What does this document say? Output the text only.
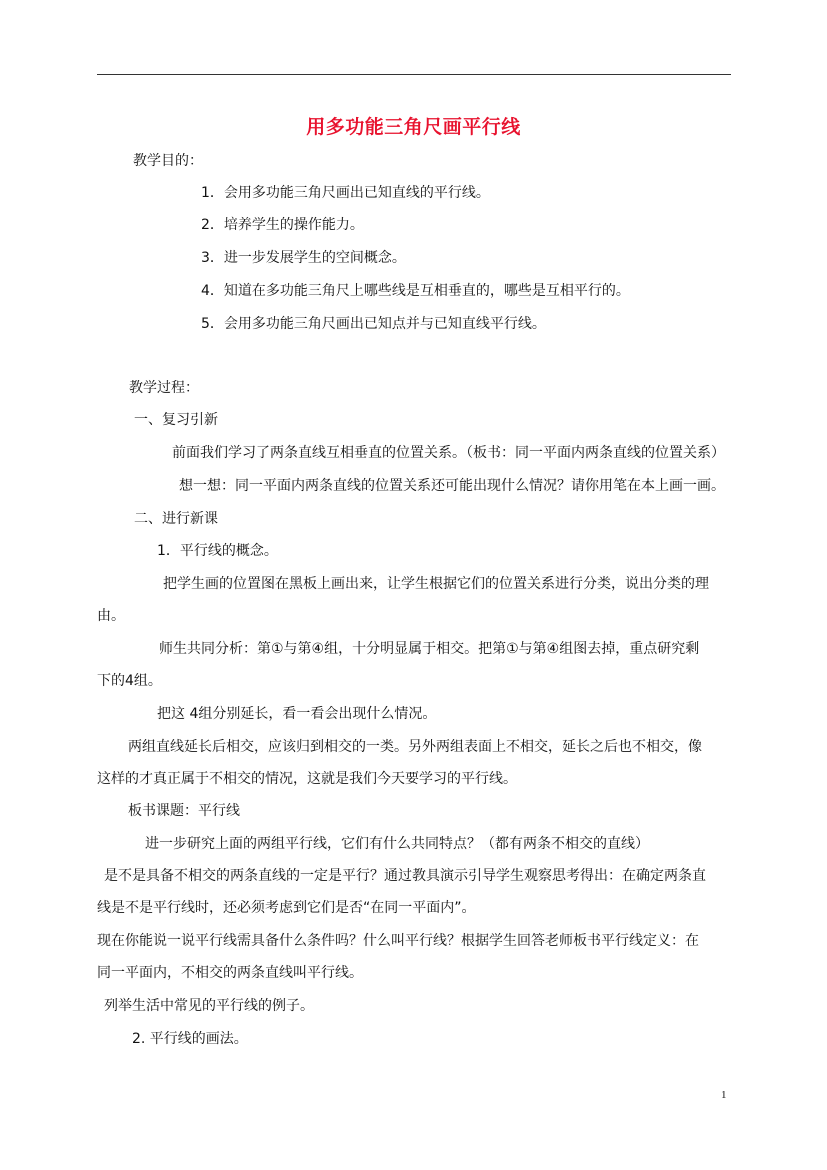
用多功能三角尺画平行线
教学目的：
1．会用多功能三角尺画出已知直线的平行线。
2．培养学生的操作能力。
3．进一步发展学生的空间概念。
4．知道在多功能三角尺上哪些线是互相垂直的，哪些是互相平行的。
5．会用多功能三角尺画出已知点并与已知直线平行线。
教学过程：
一、复习引新
前面我们学习了两条直线互相垂直的位置关系。（板书：同一平面内两条直线的位置关系）
想一想：同一平面内两条直线的位置关系还可能出现什么情况？请你用笔在本上画一画。
二、进行新课
1．平行线的概念。
把学生画的位置图在黑板上画出来，让学生根据它们的位置关系进行分类，说出分类的理
由。
师生共同分析：第①与第④组，十分明显属于相交。把第①与第④组图去掉，重点研究剩
下的4组。
把这 4组分别延长，看一看会出现什么情况。
两组直线延长后相交，应该归到相交的一类。另外两组表面上不相交，延长之后也不相交，像
这样的才真正属于不相交的情况，这就是我们今天要学习的平行线。
板书课题：平行线
进一步研究上面的两组平行线，它们有什么共同特点？（都有两条不相交的直线）
是不是具备不相交的两条直线的一定是平行？通过教具演示引导学生观察思考得出：在确定两条直
线是不是平行线时，还必须考虑到它们是否“在同一平面内”。
现在你能说一说平行线需具备什么条件吗？什么叫平行线？根据学生回答老师板书平行线定义：在
同一平面内，不相交的两条直线叫平行线。
列举生活中常见的平行线的例子。
2. 平行线的画法。
1
